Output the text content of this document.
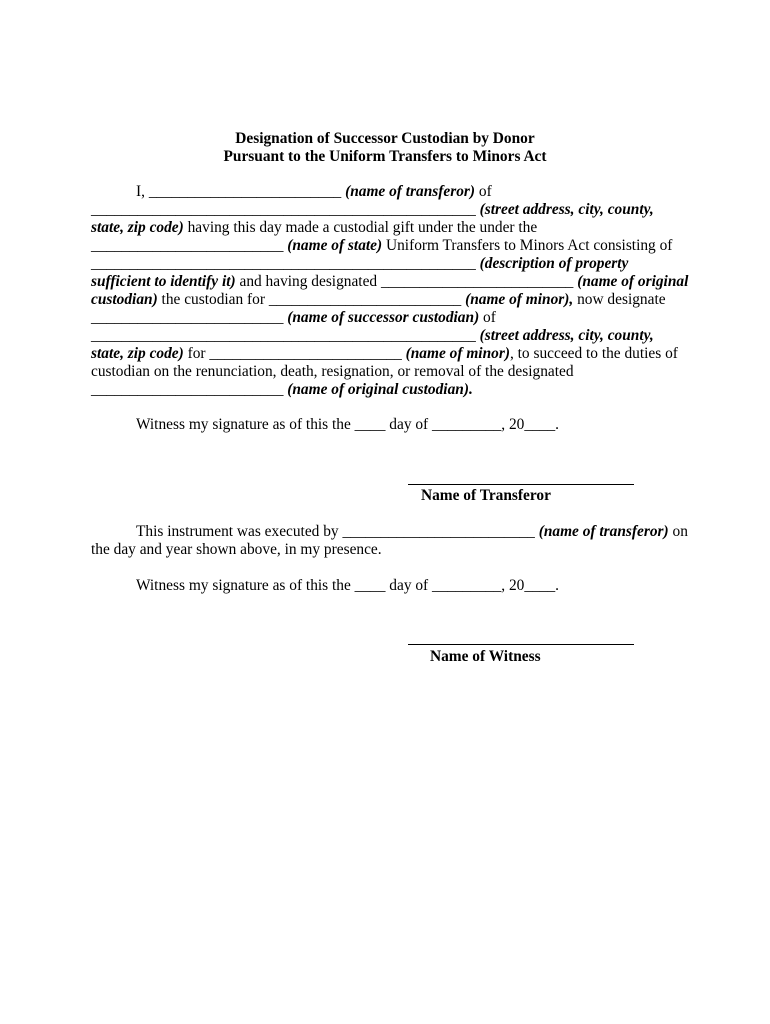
Designation of Successor Custodian by Donor
Pursuant to the Uniform Transfers to Minors Act
I, _________________________ (name of transferor) of
__________________________________________________ (street address, city, county,
state, zip code) having this day made a custodial gift under the under the
_________________________ (name of state) Uniform Transfers to Minors Act consisting of
__________________________________________________ (description of property
sufficient to identify it) and having designated _________________________ (name of original
custodian) the custodian for _________________________ (name of minor), now designate
_________________________ (name of successor custodian) of
__________________________________________________ (street address, city, county,
state, zip code) for _________________________ (name of minor), to succeed to the duties of
custodian on the renunciation, death, resignation, or removal of the designated
_________________________ (name of original custodian).
Witness my signature as of this the ____ day of _________, 20____.
Name of Transferor
This instrument was executed by _________________________ (name of transferor) on
the day and year shown above, in my presence.
Witness my signature as of this the ____ day of _________, 20____.
Name of Witness
